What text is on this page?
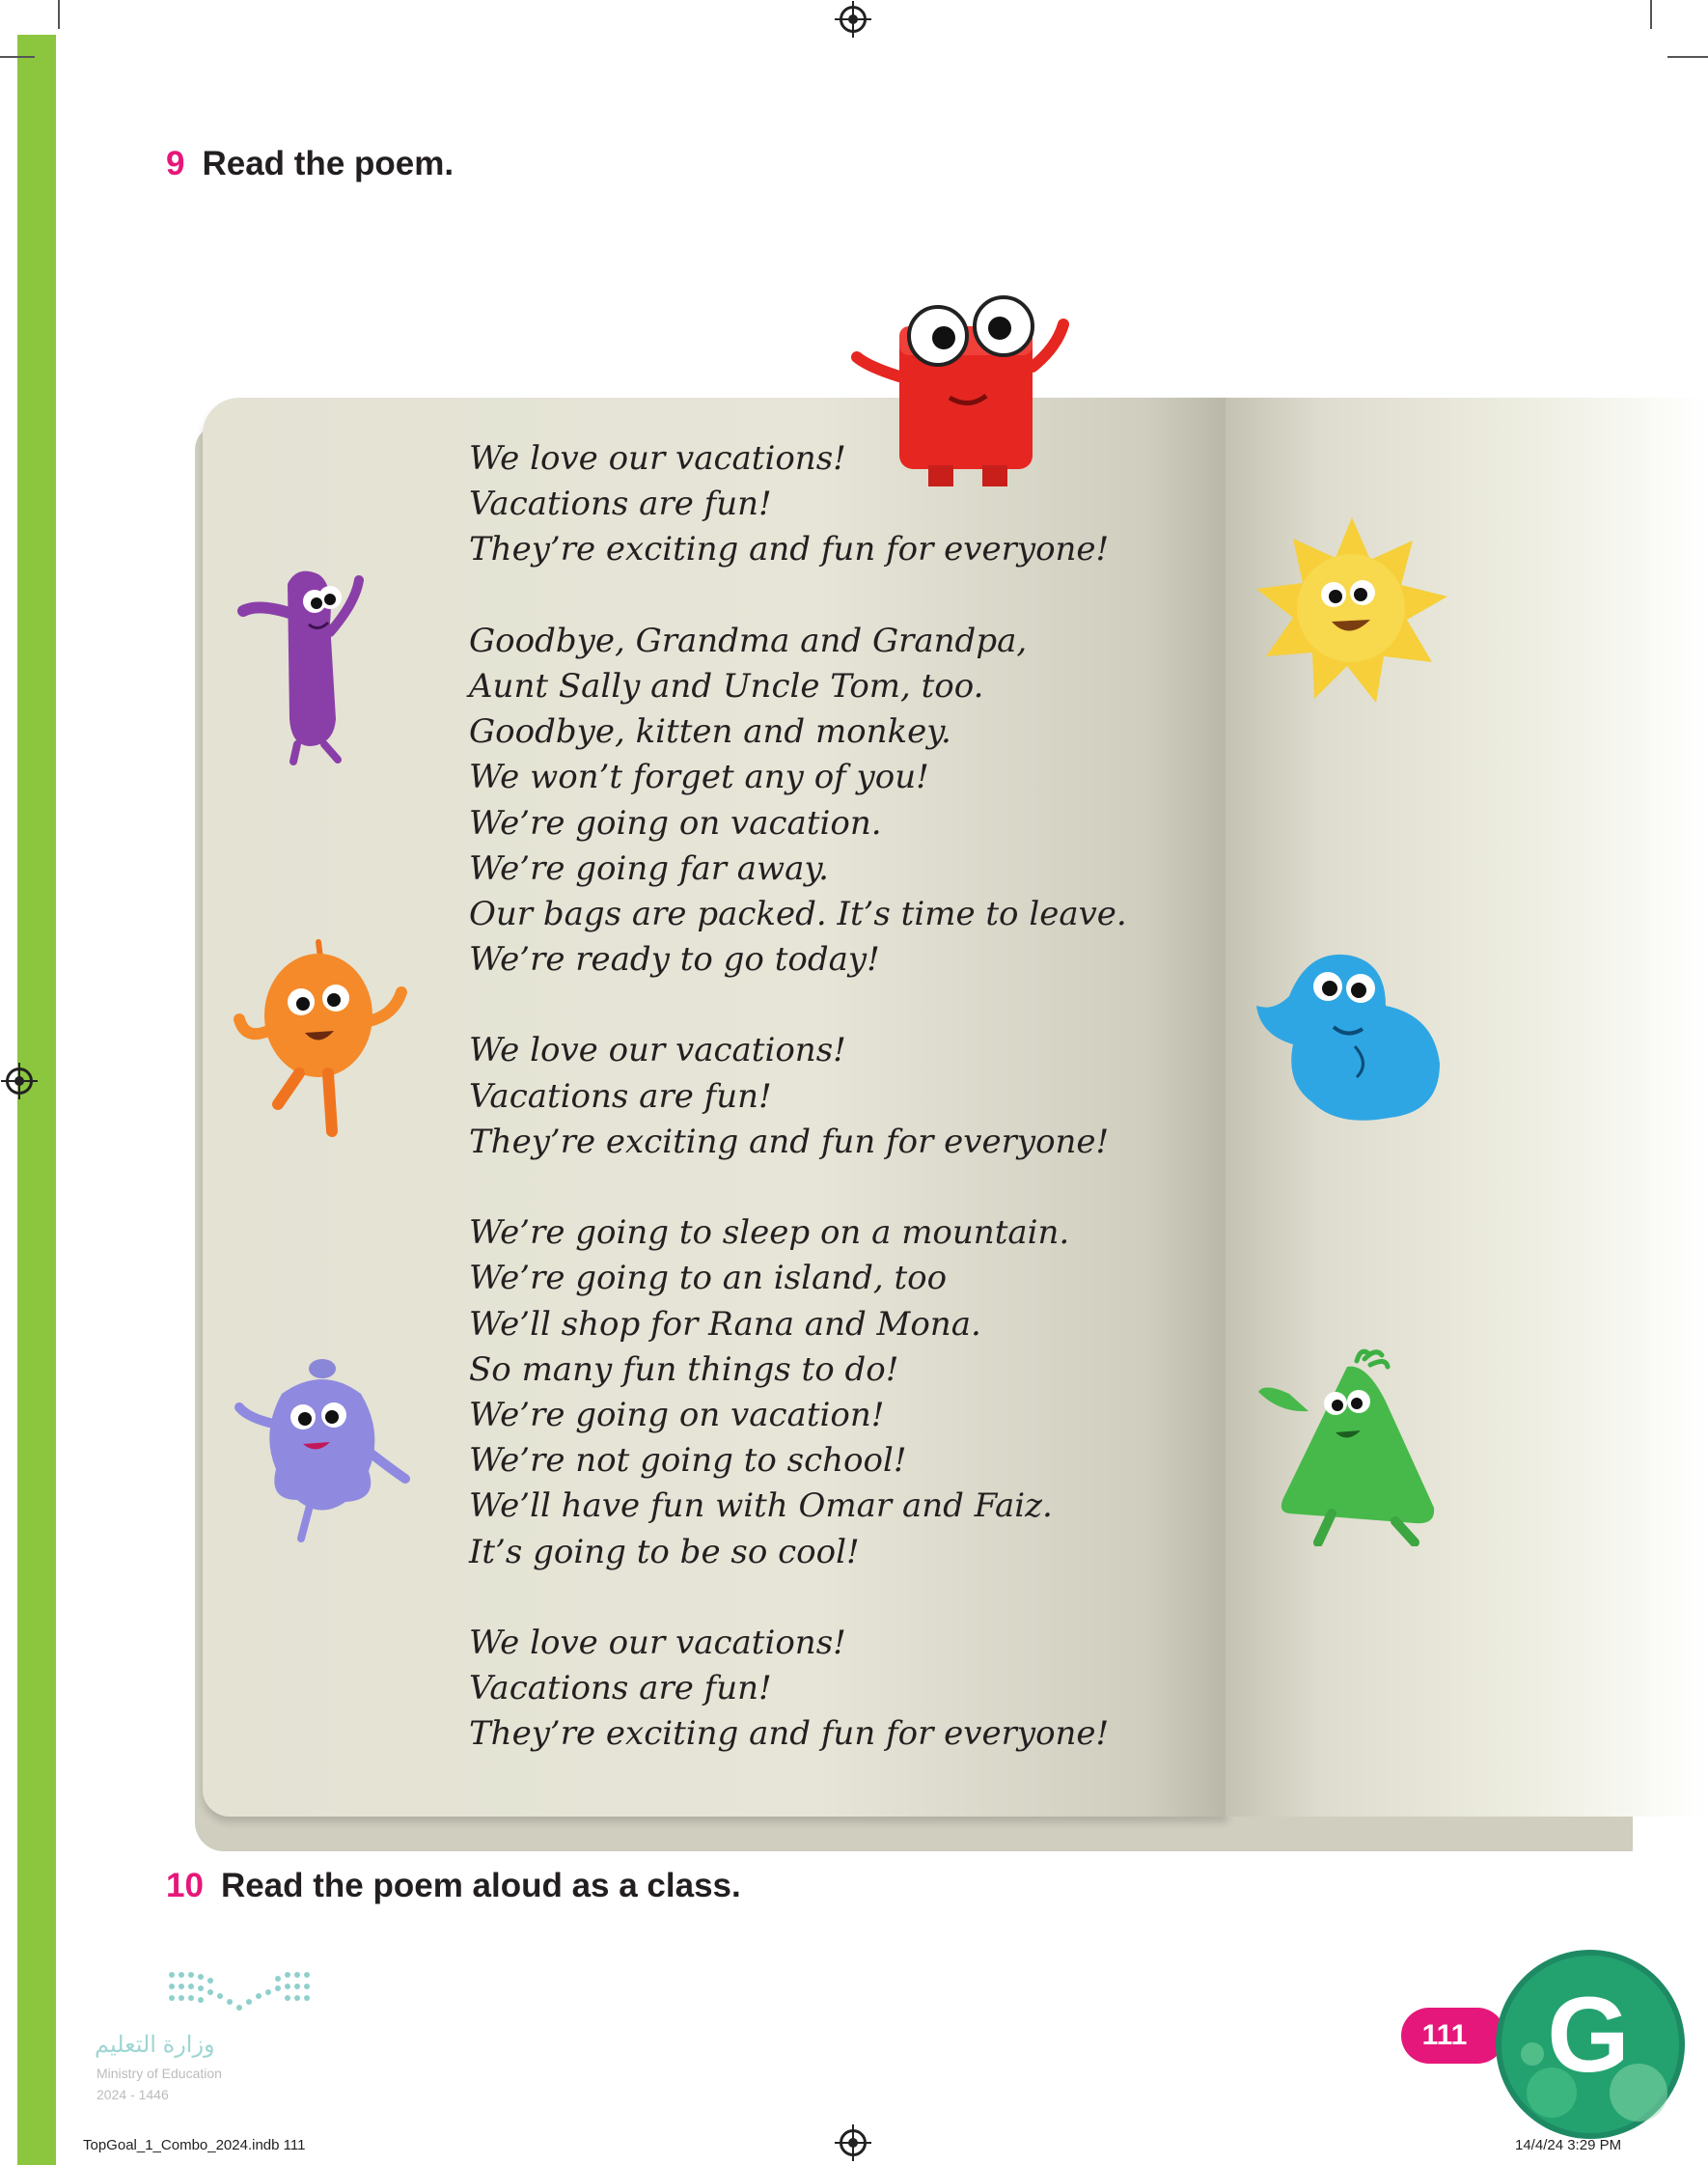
9 Read the poem.
We love our vacations!
Vacations are fun!
They’re exciting and fun for everyone!
Goodbye, Grandma and Grandpa,
Aunt Sally and Uncle Tom, too.
Goodbye, kitten and monkey.
We won’t forget any of you!
We’re going on vacation.
We’re going far away.
Our bags are packed. It’s time to leave.
We’re ready to go today!
We love our vacations!
Vacations are fun!
They’re exciting and fun for everyone!
We’re going to sleep on a mountain.
We’re going to an island, too
We’ll shop for Rana and Mona.
So many fun things to do!
We’re going on vacation!
We’re not going to school!
We’ll have fun with Omar and Faiz.
It’s going to be so cool!
We love our vacations!
Vacations are fun!
They’re exciting and fun for everyone!
10 Read the poem aloud as a class.
وزارة التعليم
Ministry of Education
2024 - 1446
111 G
TopGoal_1_Combo_2024.indb 111	14/4/24 3:29 PM
